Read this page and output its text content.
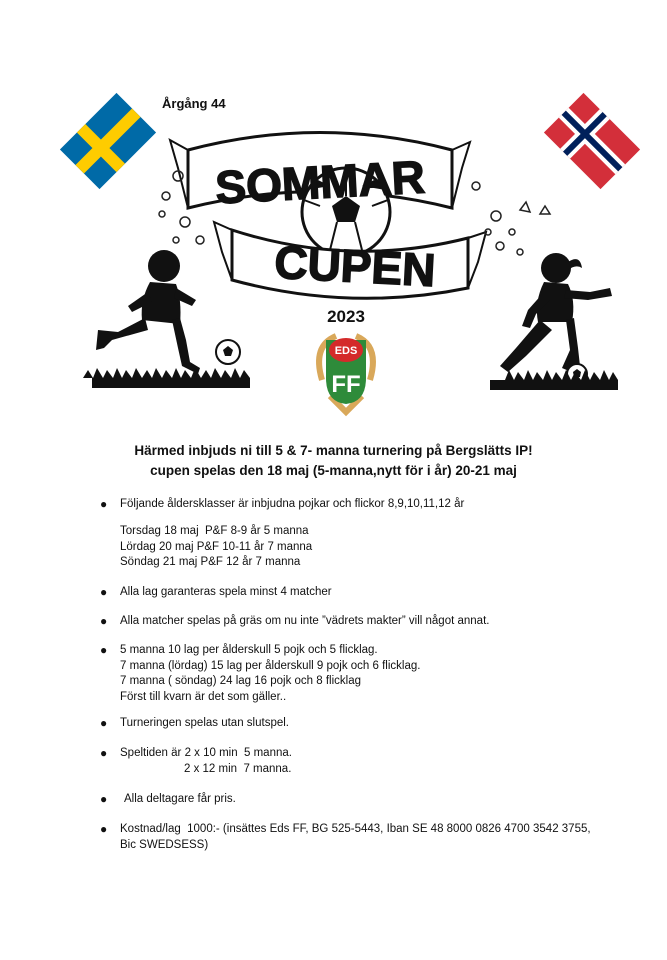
Årgång 44
SOMMAR
CUPEN
2023
EDS
FF
Härmed inbjuds ni till 5 & 7- manna turnering på Bergslätts IP!
cupen spelas den 18 maj (5-manna,nytt för i år) 20-21 maj
● Följande åldersklasser är inbjudna pojkar och flickor 8,9,10,11,12 år
Torsdag 18 maj  P&F 8-9 år 5 manna
Lördag 20 maj P&F 10-11 år 7 manna
Söndag 21 maj P&F 12 år 7 manna
● Alla lag garanteras spela minst 4 matcher
● Alla matcher spelas på gräs om nu inte ”vädrets makter” vill något annat.
● 5 manna 10 lag per ålderskull 5 pojk och 5 flicklag.
7 manna (lördag) 15 lag per ålderskull 9 pojk och 6 flicklag.
7 manna ( söndag) 24 lag 16 pojk och 8 flicklag
Först till kvarn är det som gäller..
● Turneringen spelas utan slutspel.
● Speltiden är 2 x 10 min  5 manna.
2 x 12 min  7 manna.
● Alla deltagare får pris.
● Kostnad/lag  1000:- (insättes Eds FF, BG 525-5443, Iban SE 48 8000 0826 4700 3542 3755,
Bic SWEDSESS)
